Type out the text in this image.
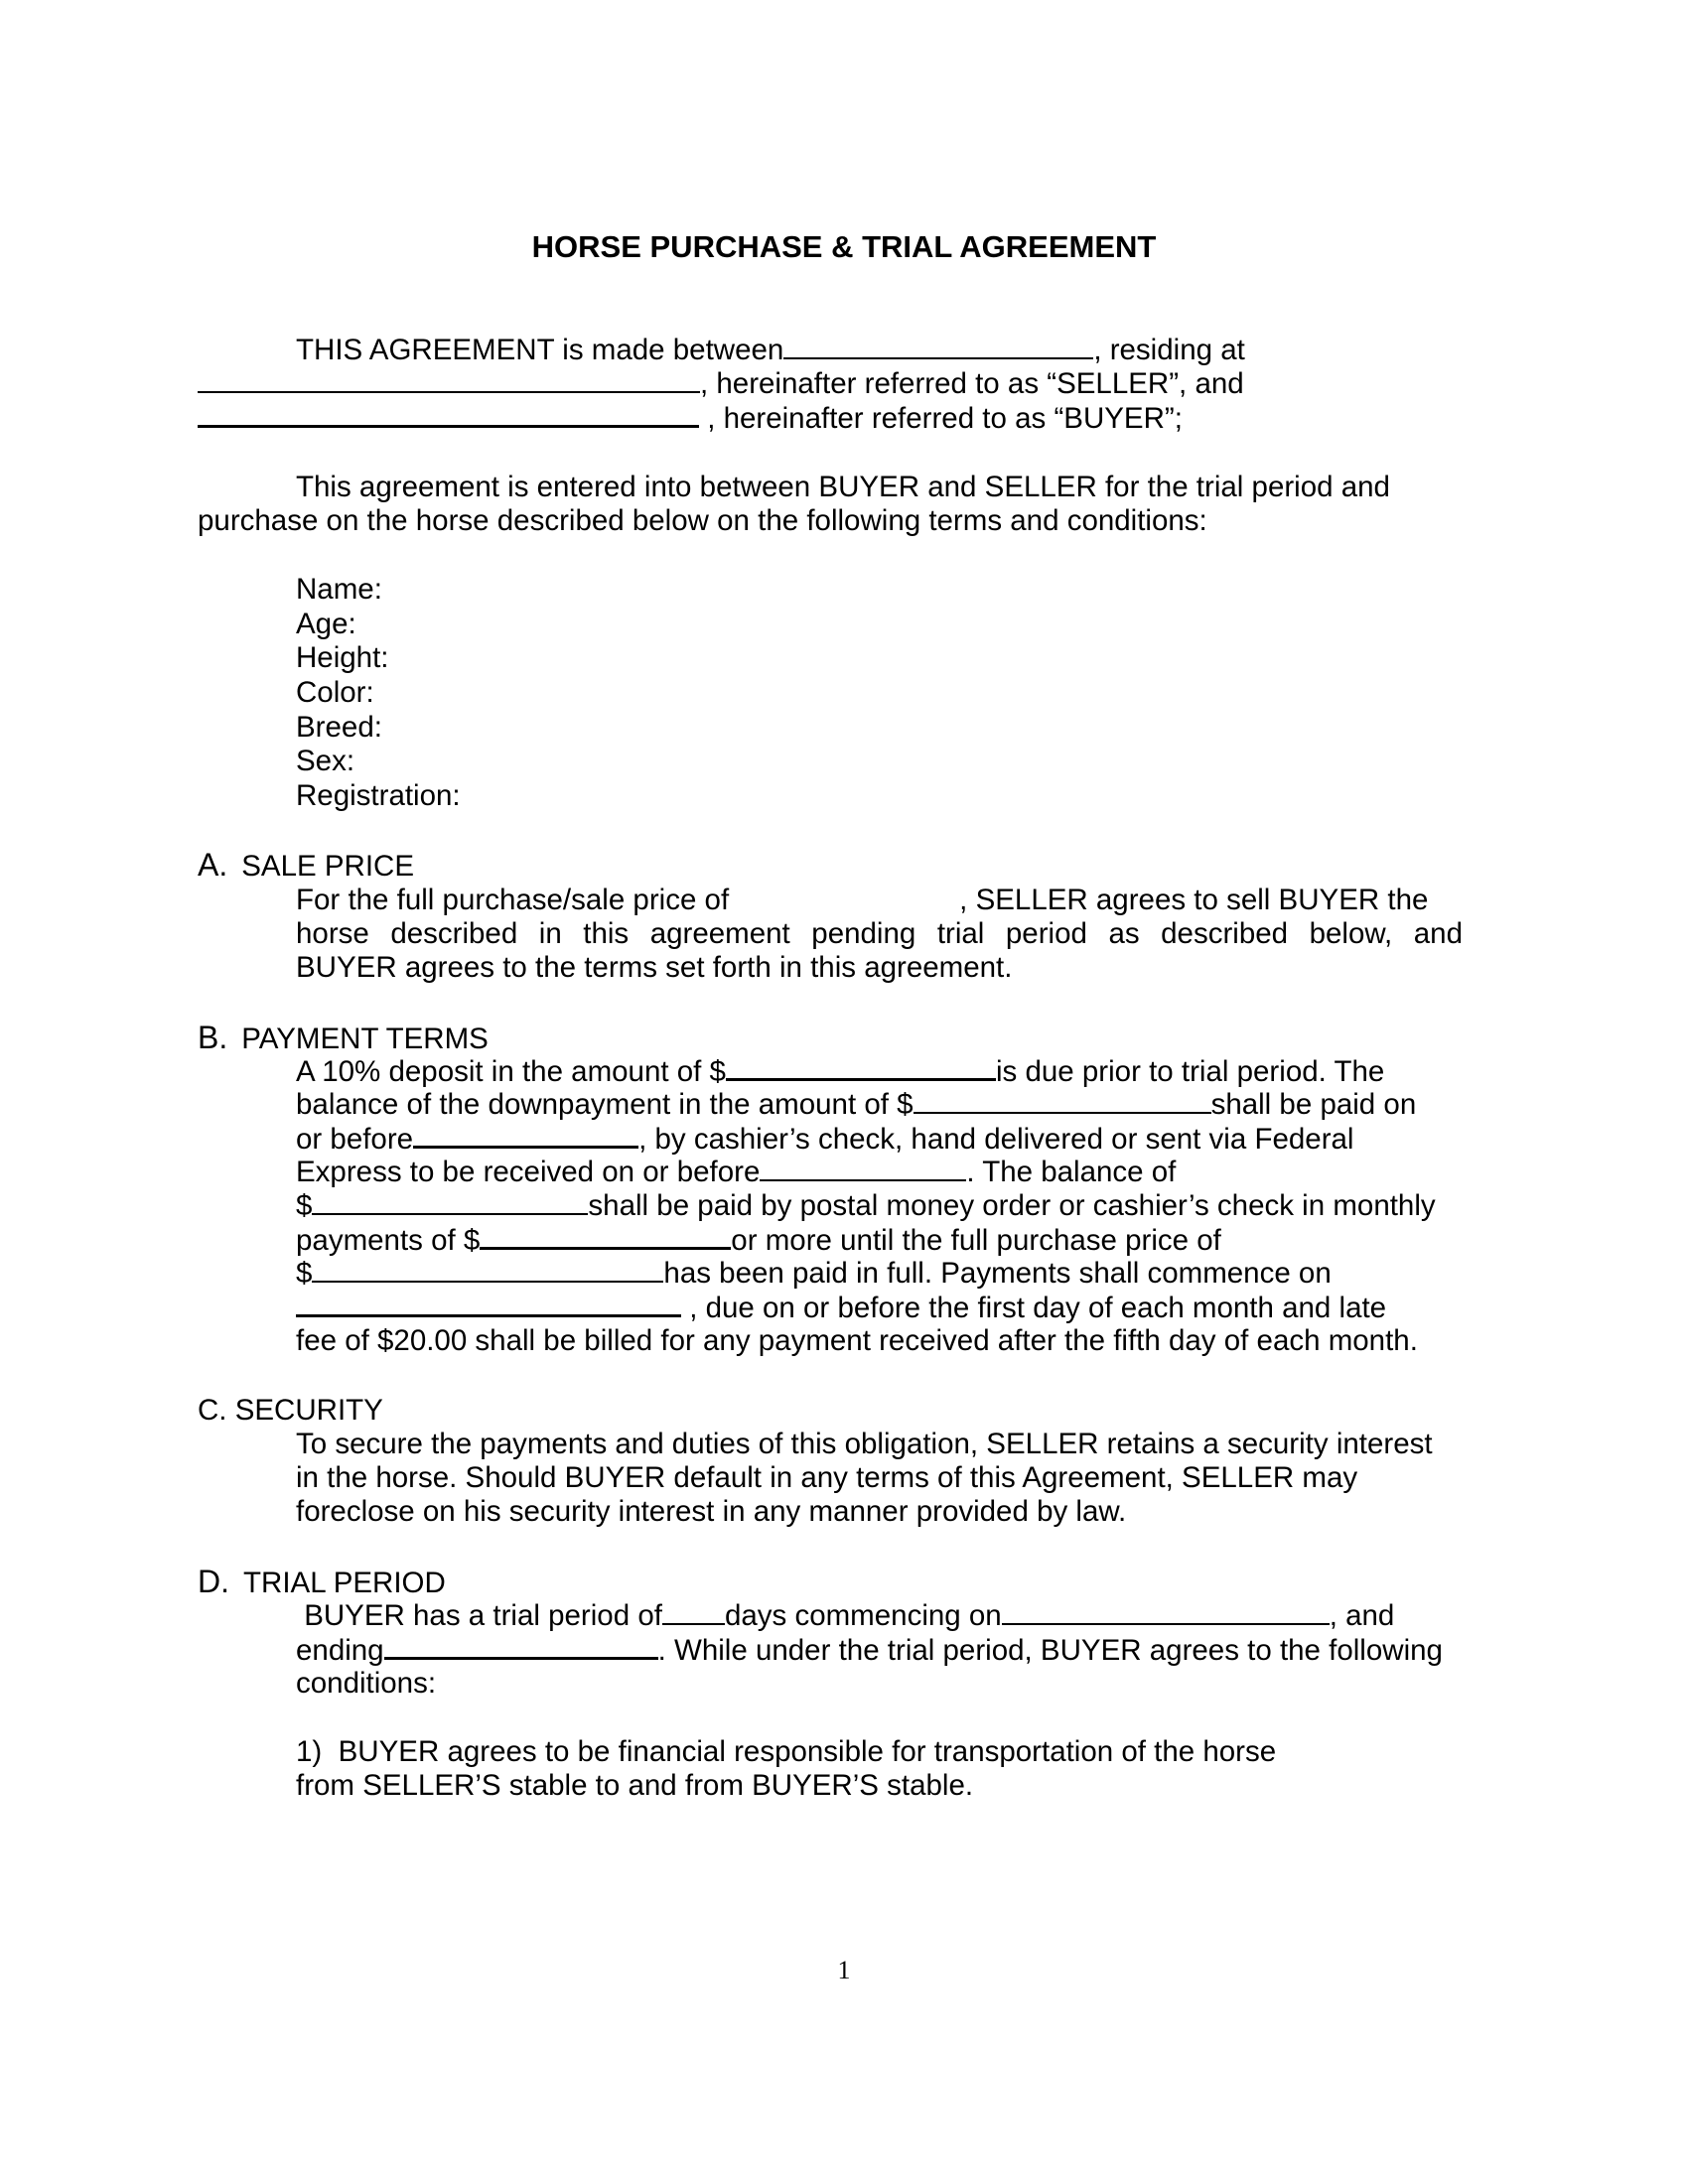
HORSE PURCHASE & TRIAL AGREEMENT
THIS AGREEMENT is made between	, residing at
, hereinafter referred to as “SELLER”, and
, hereinafter referred to as “BUYER”;
This agreement is entered into between BUYER and SELLER for the trial period and
purchase on the horse described below on the following terms and conditions:
Name:
Age:
Height:
Color:
Breed:
Sex:
Registration:
A. SALE PRICE
For the full purchase/sale price of	, SELLER agrees to sell BUYER the
horse described in this agreement pending trial period as described below, and
BUYER agrees to the terms set forth in this agreement.
B. PAYMENT TERMS
A 10% deposit in the amount of $	is due prior to trial period. The
balance of the downpayment in the amount of $	shall be paid on
or before	, by cashier’s check, hand delivered or sent via Federal
Express to be received on or before	. The balance of
$	shall be paid by postal money order or cashier’s check in monthly
payments of $	or more until the full purchase price of
$	has been paid in full. Payments shall commence on
, due on or before the first day of each month and late
fee of $20.00 shall be billed for any payment received after the fifth day of each month.
C. SECURITY
To secure the payments and duties of this obligation, SELLER retains a security interest
in the horse. Should BUYER default in any terms of this Agreement, SELLER may
foreclose on his security interest in any manner provided by law.
D. TRIAL PERIOD
BUYER has a trial period of days commencing on	, and
ending	. While under the trial period, BUYER agrees to the following
conditions:
1)  BUYER agrees to be financial responsible for transportation of the horse
from SELLER’S stable to and from BUYER’S stable.
1
